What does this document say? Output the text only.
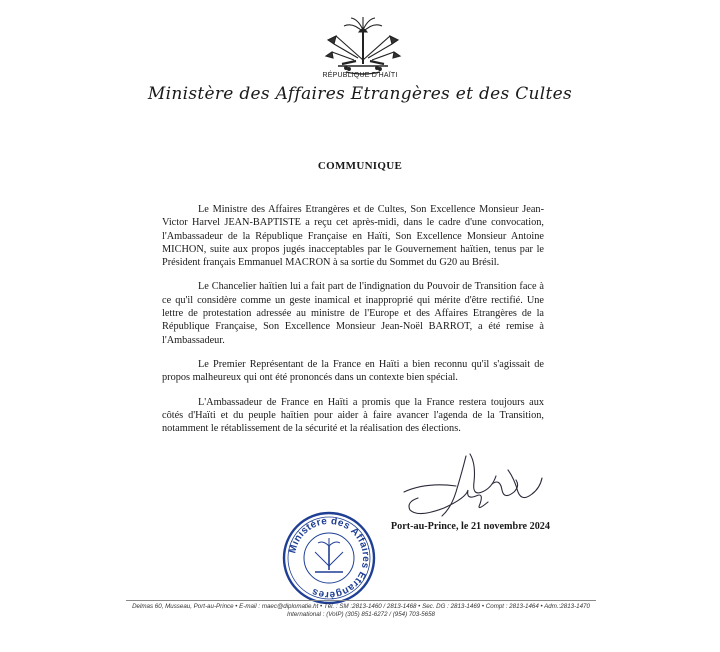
RÉPUBLIQUE D'HAÏTI
Ministère des Affaires Etrangères et des Cultes
COMMUNIQUE

Le Ministre des Affaires Etrangères et de Cultes, Son Excellence Monsieur Jean-Victor Harvel JEAN-BAPTISTE a reçu cet après-midi, dans le cadre d'une convocation, l'Ambassadeur de la République Française en Haïti, Son Excellence Monsieur Antoine MICHON, suite aux propos jugés inacceptables par le Gouvernement haïtien, tenus par le Président français Emmanuel MACRON à sa sortie du Sommet du G20 au Brésil.

Le Chancelier haïtien lui a fait part de l'indignation du Pouvoir de Transition face à ce qu'il considère comme un geste inamical et inapproprié qui mérite d'être rectifié. Une lettre de protestation adressée au ministre de l'Europe et des Affaires Etrangères de la République Française, Son Excellence Monsieur Jean-Noël BARROT, a été remise à l'Ambassadeur.

Le Premier Représentant de la France en Haïti a bien reconnu qu'il s'agissait de propos malheureux qui ont été prononcés dans un contexte bien spécial.

L'Ambassadeur de France en Haïti a promis que la France restera toujours aux côtés d'Haïti et du peuple haïtien pour aider à faire avancer l'agenda de la Transition, notamment le rétablissement de la sécurité et la réalisation des élections.

Port-au-Prince, le 21 novembre 2024
Ministère des Affaires Etrangères
Delmas 60, Musseau, Port-au-Prince • E-mail : maec@diplomatie.ht • Tél. : SM :2813-1460 / 2813-1468 • Sec. DG : 2813-1469 • Compt : 2813-1464 • Adm.:2813-1470
International : (VoIP) (305) 851-6272 / (954) 703-5658
